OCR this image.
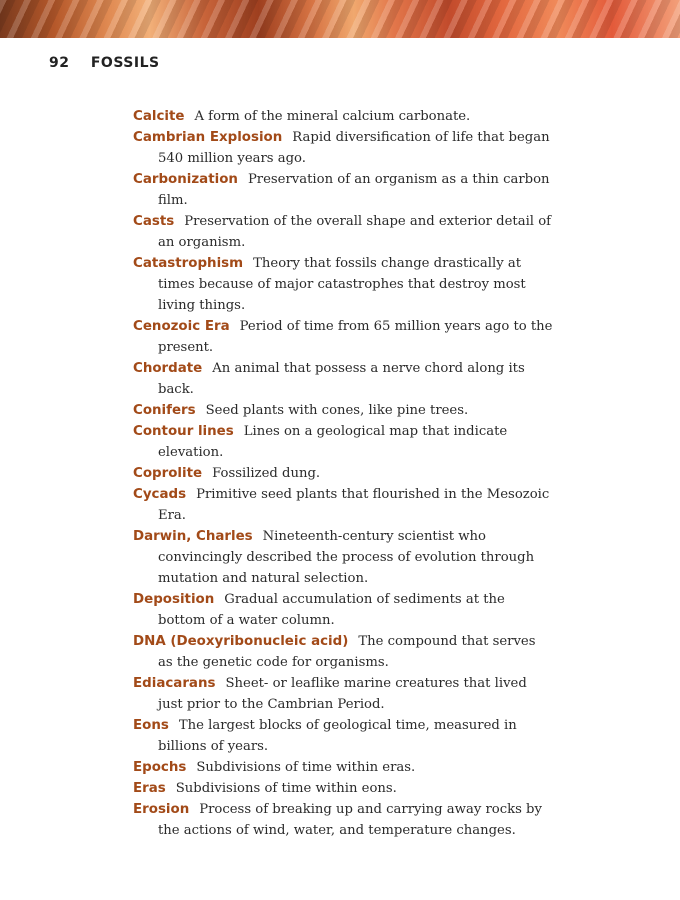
92 FOSSILS
Calcite A form of the mineral calcium carbonate.
Cambrian Explosion Rapid diversification of life that began 540 million years ago.
Carbonization Preservation of an organism as a thin carbon film.
Casts Preservation of the overall shape and exterior detail of an organism.
Catastrophism Theory that fossils change drastically at times because of major catastrophes that destroy most living things.
Cenozoic Era Period of time from 65 million years ago to the present.
Chordate An animal that possess a nerve chord along its back.
Conifers Seed plants with cones, like pine trees.
Contour lines Lines on a geological map that indicate elevation.
Coprolite Fossilized dung.
Cycads Primitive seed plants that flourished in the Mesozoic Era.
Darwin, Charles Nineteenth-century scientist who convincingly described the process of evolution through mutation and natural selection.
Deposition Gradual accumulation of sediments at the bottom of a water column.
DNA (Deoxyribonucleic acid) The compound that serves as the genetic code for organisms.
Ediacarans Sheet- or leaflike marine creatures that lived just prior to the Cambrian Period.
Eons The largest blocks of geological time, measured in billions of years.
Epochs Subdivisions of time within eras.
Eras Subdivisions of time within eons.
Erosion Process of breaking up and carrying away rocks by the actions of wind, water, and temperature changes.
